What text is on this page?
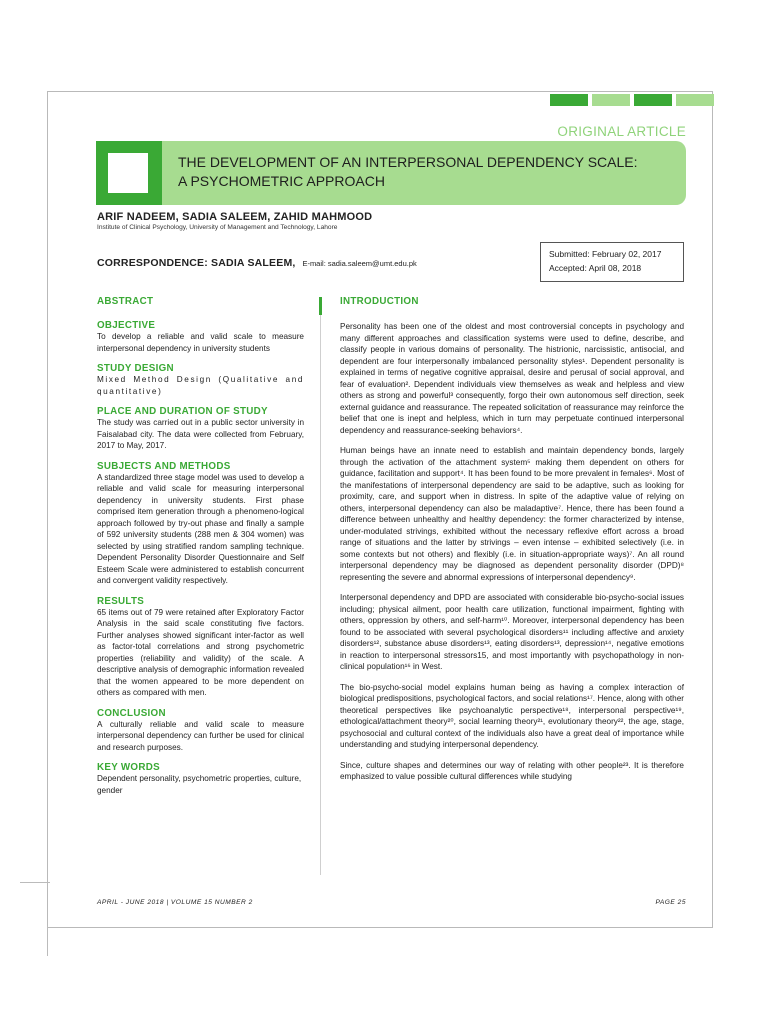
ORIGINAL ARTICLE
THE DEVELOPMENT OF AN INTERPERSONAL DEPENDENCY SCALE:
A PSYCHOMETRIC APPROACH
ARIF NADEEM, SADIA SALEEM, ZAHID MAHMOOD
Institute of Clinical Psychology, University of Management and Technology, Lahore
CORRESPONDENCE: SADIA SALEEM, E-mail: sadia.saleem@umt.edu.pk
Submitted: February 02, 2017
Accepted: April 08, 2018
ABSTRACT
OBJECTIVE

To develop a reliable and valid scale to measure interpersonal dependency in university students

STUDY DESIGN

Mixed Method Design (Qualitative and quantitative)

PLACE AND DURATION OF STUDY

The study was carried out in a public sector university in Faisalabad city. The data were collected from February, 2017 to May, 2017.

SUBJECTS AND METHODS

A standardized three stage model was used to develop a reliable and valid scale for measuring interpersonal dependency in university students. First phase comprised item generation through a phenomeno-logical approach followed by try-out phase and finally a sample of 592 university students (288 men & 304 women) was selected by using stratified random sampling technique. Dependent Personality Disorder Questionnaire and Self Esteem Scale were administered to establish concurrent and convergent validity respectively.

RESULTS

65 items out of 79 were retained after Exploratory Factor Analysis in the said scale constituting five factors. Further analyses showed significant inter-factor as well as factor-total correlations and strong psychometric properties (reliability and validity) of the scale. A descriptive analysis of demographic information revealed that the women appeared to be more dependent on others as compared with men.

CONCLUSION

A culturally reliable and valid scale to measure interpersonal dependency can further be used for clinical and research purposes.

KEY WORDS

Dependent personality, psychometric properties, culture, gender

INTRODUCTION

Personality has been one of the oldest and most controversial concepts in psychology and many different approaches and classification systems were used to define, describe, and classify people in various domains of personality. The histrionic, narcissistic, antisocial, and dependent are four interpersonally imbalanced personality styles¹. Dependent personality is explained in terms of negative cognitive appraisal, desire and perusal of social approval, and fear of evaluation². Dependent individuals view themselves as weak and helpless and view others as strong and powerful³ consequently, forgo their own autonomous self direction, seek external guidance and reassurance. The repeated solicitation of reassurance may reinforce the belief that one is inept and helpless, which in turn may perpetuate continued interpersonal dependency and reassurance-seeking behaviors⁴.

Human beings have an innate need to establish and maintain dependency bonds, largely through the activation of the attachment system⁵ making them dependent on others for guidance, facilitation and support⁴. It has been found to be more prevalent in females⁶. Most of the manifestations of interpersonal dependency are said to be adaptive, such as looking for proximity, care, and support when in distress. In spite of the adaptive value of relying on others, interpersonal dependency can also be maladaptive⁷. Hence, there has been found a difference between unhealthy and healthy dependency: the former characterized by intense, under-modulated strivings, exhibited without the necessary reflexive effort across a broad range of situations and the latter by strivings – even intense – exhibited selectively (i.e. in some contexts but not others) and flexibly (i.e. in situation-appropriate ways)⁷. An all round interpersonal dependency may be diagnosed as dependent personality disorder (DPD)⁸ representing the severe and abnormal expressions of interpersonal dependency⁹.

Interpersonal dependency and DPD are associated with considerable bio-psycho-social issues including; physical ailment, poor health care utilization, functional impairment, fighting with others, oppression by others, and self-harm¹⁰. Moreover, interpersonal dependency has been found to be associated with several psychological disorders¹¹ including affective and anxiety disorders¹², substance abuse disorders¹³, eating disorders¹³, depression¹⁴, negative emotions in reaction to interpersonal stressors15, and most importantly with psychopathology in non-clinical population¹⁶ in West.

The bio-psycho-social model explains human being as having a complex interaction of biological predispositions, psychological factors, and social relations¹⁷. Hence, along with other theoretical perspectives like psychoanalytic perspective¹⁸, interpersonal perspective¹⁹, ethological/attachment theory²⁰, social learning theory²¹, evolutionary theory²², the age, stage, psychosocial and cultural context of the individuals also have a great deal of importance while understanding and studying interpersonal dependency.

Since, culture shapes and determines our way of relating with other people²³. It is therefore emphasized to value possible cultural differences while studying

APRIL - JUNE 2018 | VOLUME 15 NUMBER 2	PAGE 25
